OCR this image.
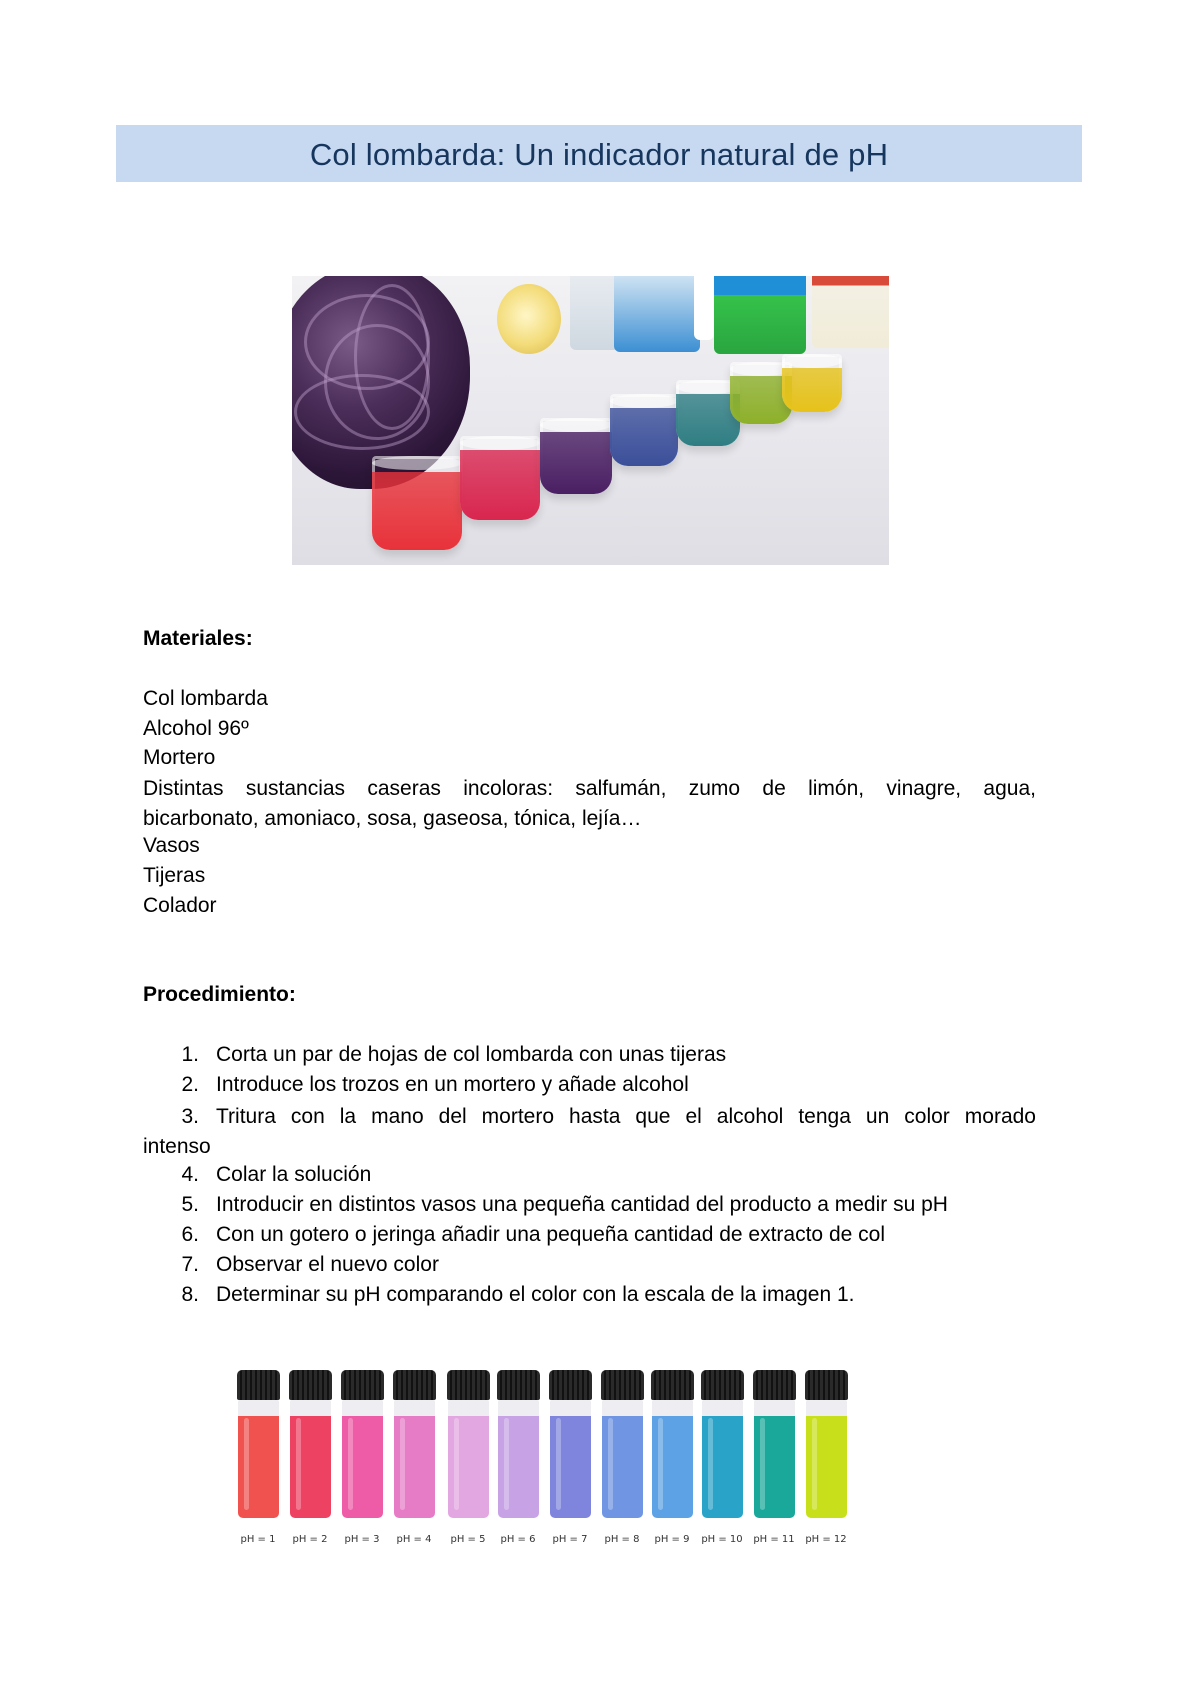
Col lombarda: Un indicador natural de pH
Materiales:
Col lombarda
Alcohol 96º
Mortero
Distintas sustancias caseras incoloras: salfumán, zumo de limón, vinagre, agua,
bicarbonato, amoniaco, sosa, gaseosa, tónica, lejía…
Vasos
Tijeras
Colador
Procedimiento:
1. Corta un par de hojas de col lombarda con unas tijeras
2. Introduce los trozos en un mortero y añade alcohol
3. Tritura con la mano del mortero hasta que el alcohol tenga un color morado
intenso
4. Colar la solución
5. Introducir en distintos vasos una pequeña cantidad del producto a medir su pH
6. Con un gotero o jeringa añadir una pequeña cantidad de extracto de col
7. Observar el nuevo color
8. Determinar su pH comparando el color con la escala de la imagen 1.
pH = 1	pH = 2	pH = 3	pH = 4	pH = 5	pH = 6	pH = 7	pH = 8	pH = 9	pH = 10	pH = 11	pH = 12
